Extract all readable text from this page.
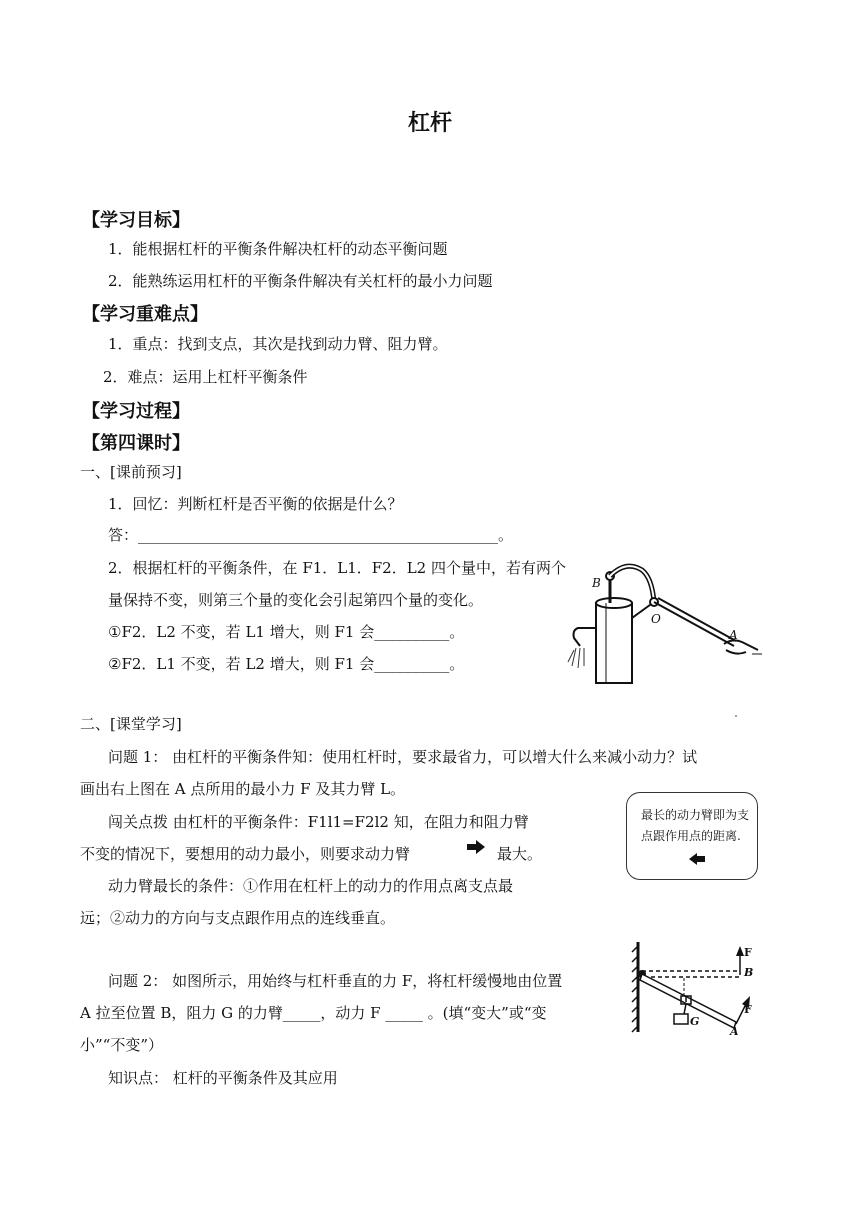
杠杆
【学习目标】
1．能根据杠杆的平衡条件解决杠杆的动态平衡问题
2．能熟练运用杠杆的平衡条件解决有关杠杆的最小力问题
【学习重难点】
1．重点：找到支点，其次是找到动力臂、阻力臂。
2．难点：运用上杠杆平衡条件
【学习过程】
【第四课时】
一、[课前预习]
1．回忆：判断杠杆是否平衡的依据是什么？
答：________________________________________________。
2．根据杠杆的平衡条件，在 F1．L1．F2．L2 四个量中，若有两个
量保持不变，则第三个量的变化会引起第四个量的变化。
①F2．L2 不变，若 L1 增大，则 F1 会__________。
②F2．L1 不变，若 L2 增大，则 F1 会__________。
B
O
A
二、[课堂学习]
问题 1： 由杠杆的平衡条件知：使用杠杆时，要求最省力，可以增大什么来减小动力？试
画出右上图在 A 点所用的最小力 F 及其力臂 L。
闯关点拨 由杠杆的平衡条件：F1l1=F2l2 知，在阻力和阻力臂
不变的情况下，要想用的动力最小，则要求动力臂	最大。
动力臂最长的条件：①作用在杠杆上的动力的作用点离支点最
远；②动力的方向与支点跟作用点的连线垂直。
最长的动力臂即为支点跟作用点的距离.
问题 2： 如图所示，用始终与杠杆垂直的力 F，将杠杆缓慢地由位置
A 拉至位置 B，阻力 G 的力臂_____，动力 F _____ 。(填“变大”或“变
小”“不变”）
知识点： 杠杆的平衡条件及其应用
F
B
F
G
A
